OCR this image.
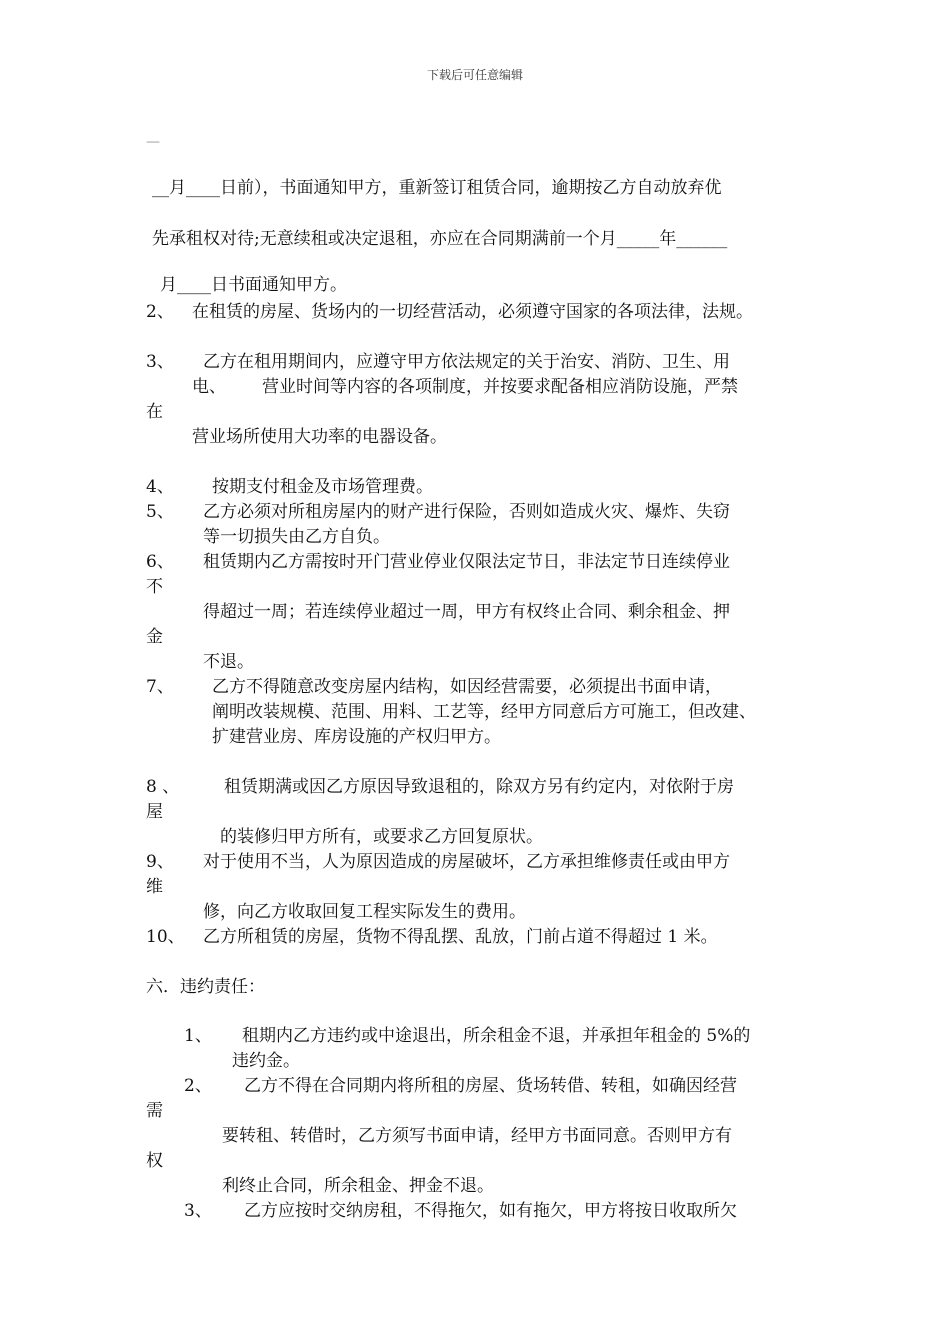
下载后可任意编辑
—
__月____日前），书面通知甲方，重新签订租赁合同，逾期按乙方自动放弃优
先承租权对待;无意续租或决定退租，亦应在合同期满前一个月_____年______
月____日书面通知甲方。
2、 在租赁的房屋、货场内的一切经营活动，必须遵守国家的各项法律，法规。
3、 乙方在租用期间内，应遵守甲方依法规定的关于治安、消防、卫生、用
电、 营业时间等内容的各项制度，并按要求配备相应消防设施，严禁
在
营业场所使用大功率的电器设备。
4、 按期支付租金及市场管理费。
5、 乙方必须对所租房屋内的财产进行保险，否则如造成火灾、爆炸、失窃
等一切损失由乙方自负。
6、 租赁期内乙方需按时开门营业停业仅限法定节日，非法定节日连续停业
不
得超过一周；若连续停业超过一周，甲方有权终止合同、剩余租金、押
金
不退。
7、 乙方不得随意改变房屋内结构，如因经营需要，必须提出书面申请，
阐明改装规模、范围、用料、工艺等，经甲方同意后方可施工，但改建、
扩建营业房、库房设施的产权归甲方。
8 、	租赁期满或因乙方原因导致退租的，除双方另有约定内，对依附于房
屋
的装修归甲方所有，或要求乙方回复原状。
9、 对于使用不当，人为原因造成的房屋破坏，乙方承担维修责任或由甲方
维
修，向乙方收取回复工程实际发生的费用。
10、 乙方所租赁的房屋，货物不得乱摆、乱放，门前占道不得超过 1 米。
六．违约责任：
1、 租期内乙方违约或中途退出，所余租金不退，并承担年租金的 5%的
违约金。
2、 乙方不得在合同期内将所租的房屋、货场转借、转租，如确因经营
需
要转租、转借时，乙方须写书面申请，经甲方书面同意。否则甲方有
权
利终止合同，所余租金、押金不退。
3、 乙方应按时交纳房租，不得拖欠，如有拖欠，甲方将按日收取所欠
